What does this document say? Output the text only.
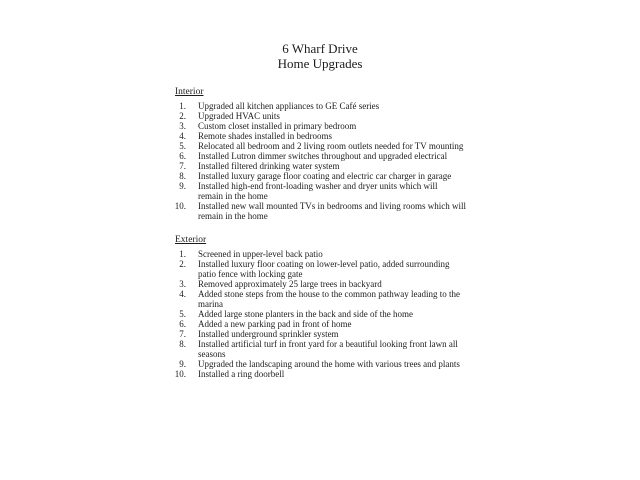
6 Wharf Drive
Home Upgrades
Interior
1. Upgraded all kitchen appliances to GE Café series
2. Upgraded HVAC units
3. Custom closet installed in primary bedroom
4. Remote shades installed in bedrooms
5. Relocated all bedroom and 2 living room outlets needed for TV mounting
6. Installed Lutron dimmer switches throughout and upgraded electrical
7. Installed filtered drinking water system
8. Installed luxury garage floor coating and electric car charger in garage
9. Installed high-end front-loading washer and dryer units which will
remain in the home
10. Installed new wall mounted TVs in bedrooms and living rooms which will
remain in the home
Exterior
1. Screened in upper-level back patio
2. Installed luxury floor coating on lower-level patio, added surrounding
patio fence with locking gate
3. Removed approximately 25 large trees in backyard
4. Added stone steps from the house to the common pathway leading to the
marina
5. Added large stone planters in the back and side of the home
6. Added a new parking pad in front of home
7. Installed underground sprinkler system
8. Installed artificial turf in front yard for a beautiful looking front lawn all
seasons
9. Upgraded the landscaping around the home with various trees and plants
10. Installed a ring doorbell
